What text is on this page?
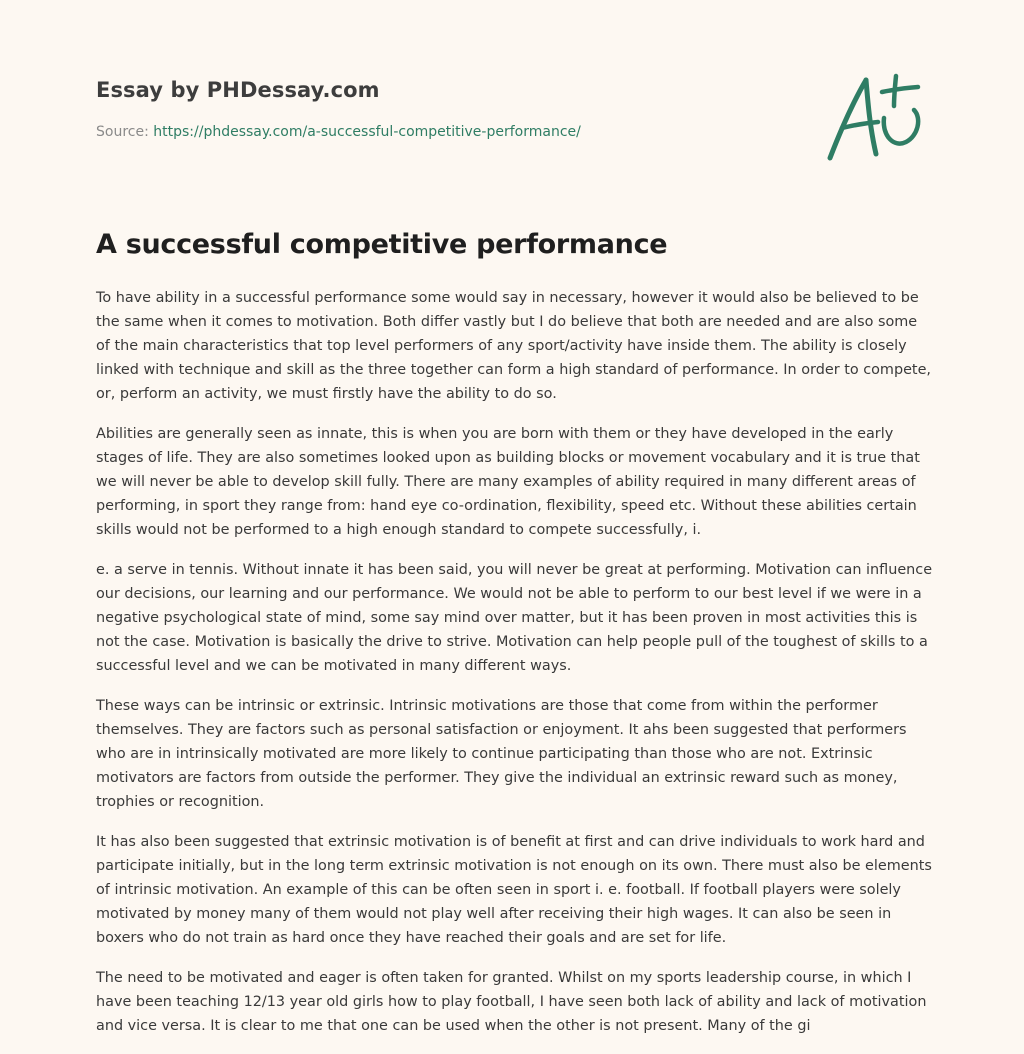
Essay by PHDessay.com
Source: https://phdessay.com/a-successful-competitive-performance/
A successful competitive performance

To have ability in a successful performance some would say in necessary, however it would also be believed to be the same when it comes to motivation. Both differ vastly but I do believe that both are needed and are also some of the main characteristics that top level performers of any sport/activity have inside them. The ability is closely linked with technique and skill as the three together can form a high standard of performance. In order to compete, or, perform an activity, we must firstly have the ability to do so.

Abilities are generally seen as innate, this is when you are born with them or they have developed in the early stages of life. They are also sometimes looked upon as building blocks or movement vocabulary and it is true that we will never be able to develop skill fully. There are many examples of ability required in many different areas of performing, in sport they range from: hand eye co-ordination, flexibility, speed etc. Without these abilities certain skills would not be performed to a high enough standard to compete successfully, i.

e. a serve in tennis. Without innate it has been said, you will never be great at performing. Motivation can influence our decisions, our learning and our performance. We would not be able to perform to our best level if we were in a negative psychological state of mind, some say mind over matter, but it has been proven in most activities this is not the case. Motivation is basically the drive to strive. Motivation can help people pull of the toughest of skills to a successful level and we can be motivated in many different ways.

These ways can be intrinsic or extrinsic. Intrinsic motivations are those that come from within the performer themselves. They are factors such as personal satisfaction or enjoyment. It ahs been suggested that performers who are in intrinsically motivated are more likely to continue participating than those who are not. Extrinsic motivators are factors from outside the performer. They give the individual an extrinsic reward such as money, trophies or recognition.

It has also been suggested that extrinsic motivation is of benefit at first and can drive individuals to work hard and participate initially, but in the long term extrinsic motivation is not enough on its own. There must also be elements of intrinsic motivation. An example of this can be often seen in sport i. e. football. If football players were solely motivated by money many of them would not play well after receiving their high wages. It can also be seen in boxers who do not train as hard once they have reached their goals and are set for life.

The need to be motivated and eager is often taken for granted. Whilst on my sports leadership course, in which I have been teaching 12/13 year old girls how to play football, I have seen both lack of ability and lack of motivation and vice versa. It is clear to me that one can be used when the other is not present. Many of the gi
